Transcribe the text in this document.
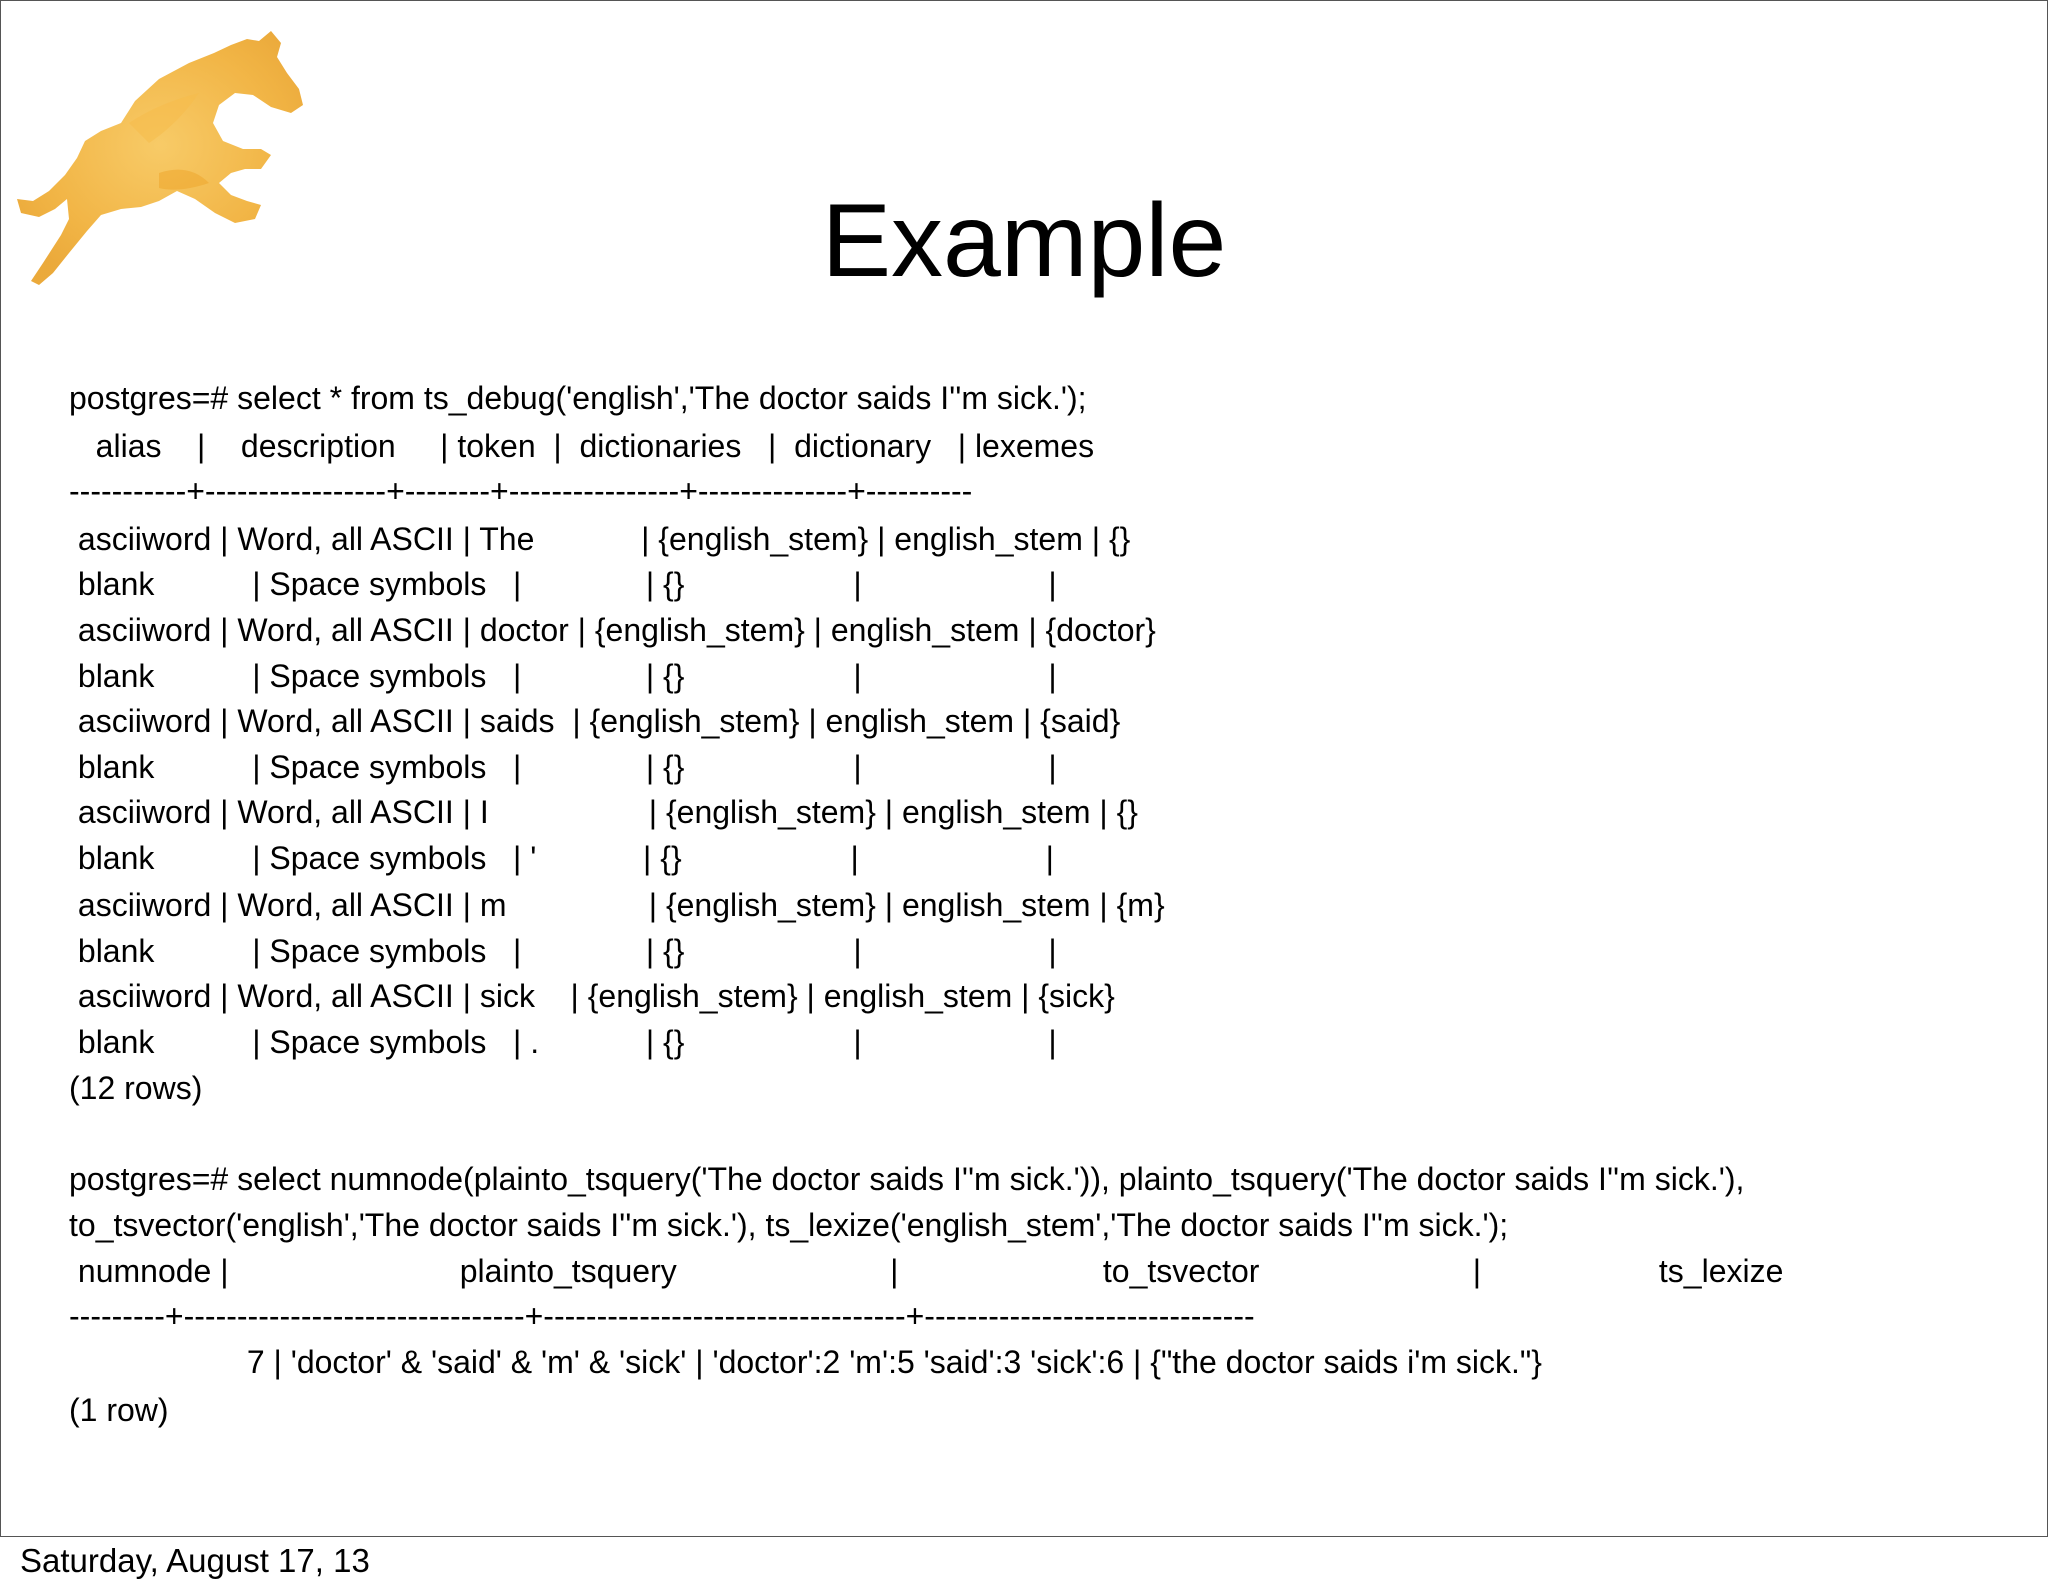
Example
postgres=# select * from ts_debug('english','The doctor saids I''m sick.');
alias    |    description     | token  |  dictionaries   |  dictionary   | lexemes
-----------+-----------------+--------+----------------+--------------+----------
asciiword | Word, all ASCII | The            | {english_stem} | english_stem | {}
blank           | Space symbols   |              | {}                   |                     |
asciiword | Word, all ASCII | doctor | {english_stem} | english_stem | {doctor}
blank           | Space symbols   |              | {}                   |                     |
asciiword | Word, all ASCII | saids  | {english_stem} | english_stem | {said}
blank           | Space symbols   |              | {}                   |                     |
asciiword | Word, all ASCII | I                  | {english_stem} | english_stem | {}
blank           | Space symbols   | '            | {}                   |                     |
asciiword | Word, all ASCII | m                | {english_stem} | english_stem | {m}
blank           | Space symbols   |              | {}                   |                     |
asciiword | Word, all ASCII | sick    | {english_stem} | english_stem | {sick}
blank           | Space symbols   | .            | {}                   |                     |
(12 rows)
postgres=# select numnode(plainto_tsquery('The doctor saids I''m sick.')), plainto_tsquery('The doctor saids I''m sick.'),
to_tsvector('english','The doctor saids I''m sick.'), ts_lexize('english_stem','The doctor saids I''m sick.');
numnode |                          plainto_tsquery                        |                       to_tsvector                        |                    ts_lexize
---------+--------------------------------+----------------------------------+-------------------------------
7 | 'doctor' & 'said' & 'm' & 'sick' | 'doctor':2 'm':5 'said':3 'sick':6 | {"the doctor saids i'm sick."}
(1 row)
Saturday, August 17, 13
